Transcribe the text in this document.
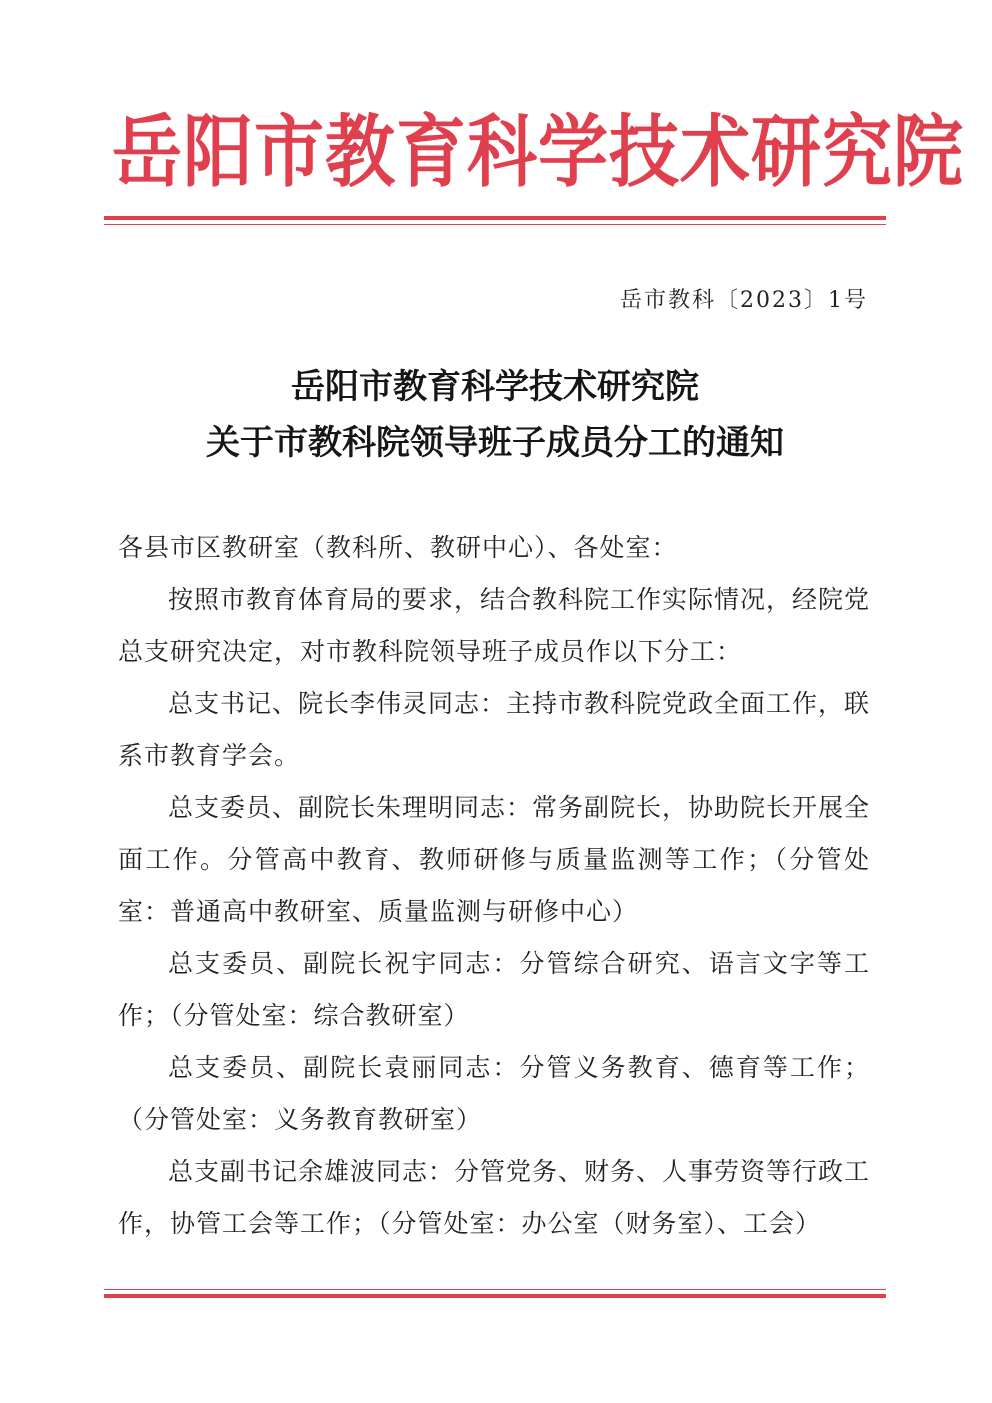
岳阳市教育科学技术研究院
岳市教科〔2023〕1号
岳阳市教育科学技术研究院
关于市教科院领导班子成员分工的通知

各县市区教研室（教科所、教研中心）、各处室：

按照市教育体育局的要求，结合教科院工作实际情况，经院党总支研究决定，对市教科院领导班子成员作以下分工：

总支书记、院长李伟灵同志：主持市教科院党政全面工作，联系市教育学会。

总支委员、副院长朱理明同志：常务副院长，协助院长开展全面工作。分管高中教育、教师研修与质量监测等工作；（分管处室：普通高中教研室、质量监测与研修中心）

总支委员、副院长祝宇同志：分管综合研究、语言文字等工作；（分管处室：综合教研室）

总支委员、副院长袁丽同志：分管义务教育、德育等工作；（分管处室：义务教育教研室）

总支副书记余雄波同志：分管党务、财务、人事劳资等行政工作，协管工会等工作；（分管处室：办公室（财务室）、工会）
